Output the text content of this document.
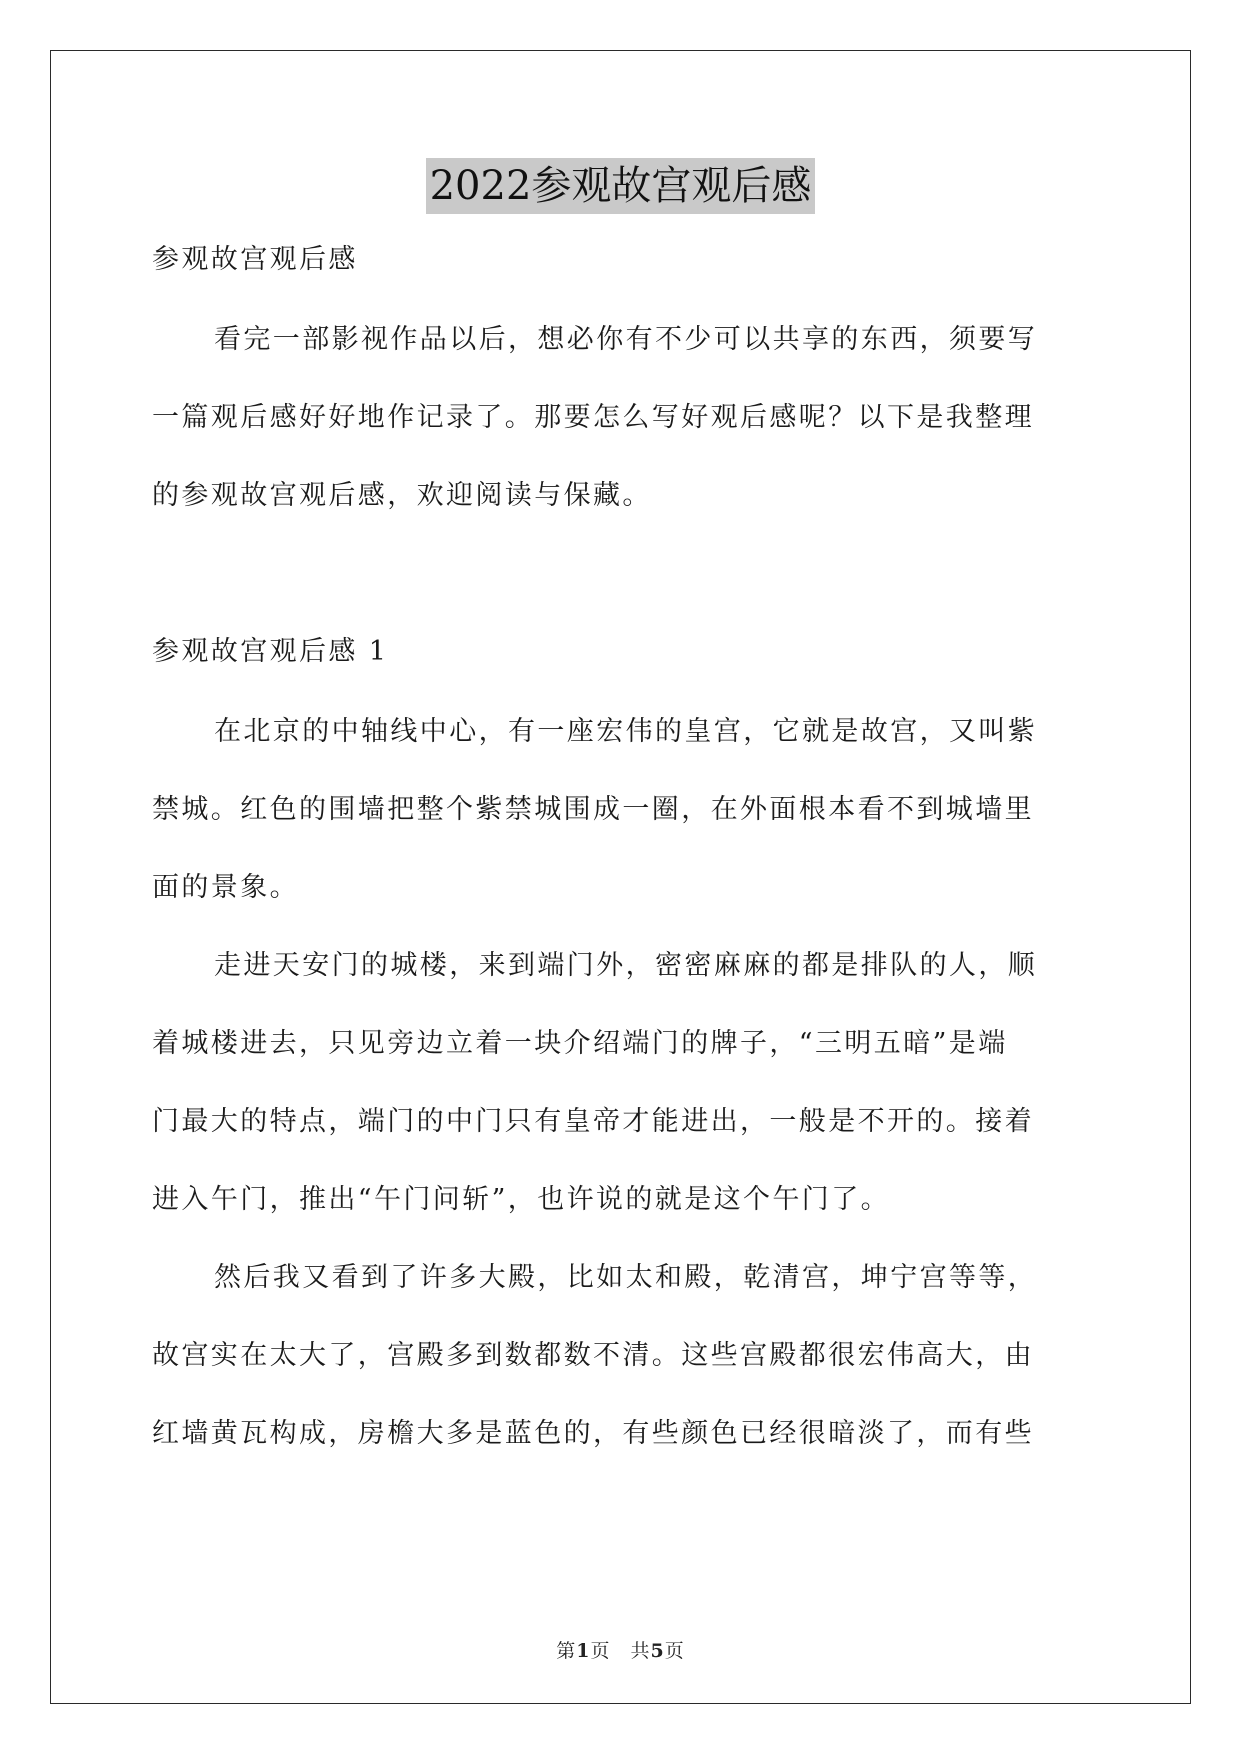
2022参观故宫观后感
参观故宫观后感
看完一部影视作品以后，想必你有不少可以共享的东西，须要写
一篇观后感好好地作记录了。那要怎么写好观后感呢？以下是我整理
的参观故宫观后感，欢迎阅读与保藏。
参观故宫观后感 1
在北京的中轴线中心，有一座宏伟的皇宫，它就是故宫，又叫紫
禁城。红色的围墙把整个紫禁城围成一圈，在外面根本看不到城墙里
面的景象。
走进天安门的城楼，来到端门外，密密麻麻的都是排队的人，顺
着城楼进去，只见旁边立着一块介绍端门的牌子，“三明五暗”是端
门最大的特点，端门的中门只有皇帝才能进出，一般是不开的。接着
进入午门，推出“午门问斩”，也许说的就是这个午门了。
然后我又看到了许多大殿，比如太和殿，乾清宫，坤宁宫等等，
故宫实在太大了，宫殿多到数都数不清。这些宫殿都很宏伟高大，由
红墙黄瓦构成，房檐大多是蓝色的，有些颜色已经很暗淡了，而有些
第1页　共5页
